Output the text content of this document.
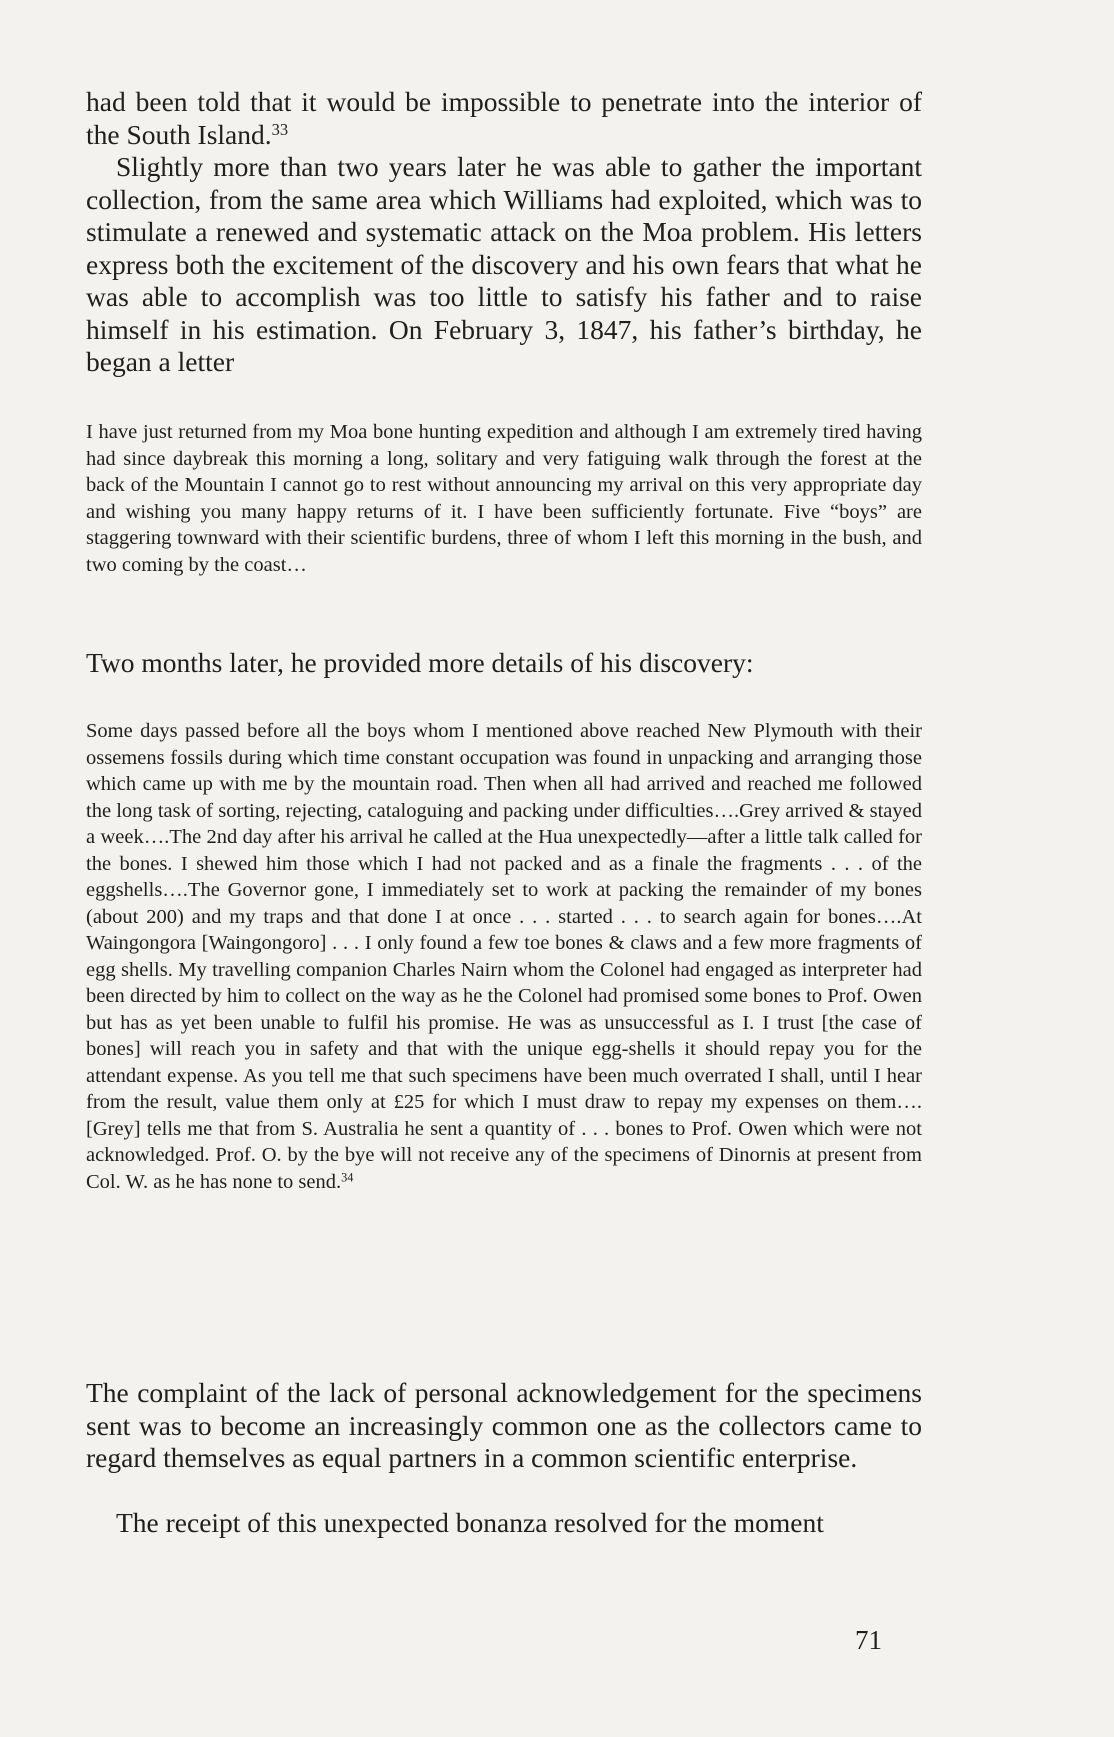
had been told that it would be impossible to penetrate into the interior of the South Island.$^{33}$

Slightly more than two years later he was able to gather the important collection, from the same area which Williams had exploited, which was to stimulate a renewed and systematic attack on the Moa problem. His letters express both the excitement of the discovery and his own fears that what he was able to accomplish was too little to satisfy his father and to raise himself in his estimation. On February 3, 1847, his father’s birthday, he began a letter

I have just returned from my Moa bone hunting expedition and although I am extremely tired having had since daybreak this morning a long, solitary and very fatiguing walk through the forest at the back of the Mountain I cannot go to rest without announcing my arrival on this very appropriate day and wishing you many happy returns of it. I have been sufficiently fortunate. Five “boys” are staggering townward with their scientific burdens, three of whom I left this morning in the bush, and two coming by the coast…

Two months later, he provided more details of his discovery:

Some days passed before all the boys whom I mentioned above reached New Plymouth with their ossemens fossils during which time constant occupation was found in unpacking and arranging those which came up with me by the mountain road. Then when all had arrived and reached me followed the long task of sorting, rejecting, cataloguing and packing under difficulties….Grey arrived & stayed a week….The 2nd day after his arrival he called at the Hua unexpectedly—after a little talk called for the bones. I shewed him those which I had not packed and as a finale the fragments . . . of the eggshells….The Governor gone, I immediately set to work at packing the remainder of my bones (about 200) and my traps and that done I at once . . . started . . . to search again for bones….At Waingongora [Waingongoro] . . . I only found a few toe bones & claws and a few more fragments of egg shells. My travelling companion Charles Nairn whom the Colonel had engaged as interpreter had been directed by him to collect on the way as he the Colonel had promised some bones to Prof. Owen but has as yet been unable to fulfil his promise. He was as unsuccessful as I. I trust [the case of bones] will reach you in safety and that with the unique egg-shells it should repay you for the attendant expense. As you tell me that such specimens have been much overrated I shall, until I hear from the result, value them only at £25 for which I must draw to repay my expenses on them….[Grey] tells me that from S. Australia he sent a quantity of . . . bones to Prof. Owen which were not acknowledged. Prof. O. by the bye will not receive any of the specimens of Dinornis at present from Col. W. as he has none to send.$^{34}$

The complaint of the lack of personal acknowledgement for the specimens sent was to become an increasingly common one as the collectors came to regard themselves as equal partners in a common scientific enterprise.

The receipt of this unexpected bonanza resolved for the moment

71
